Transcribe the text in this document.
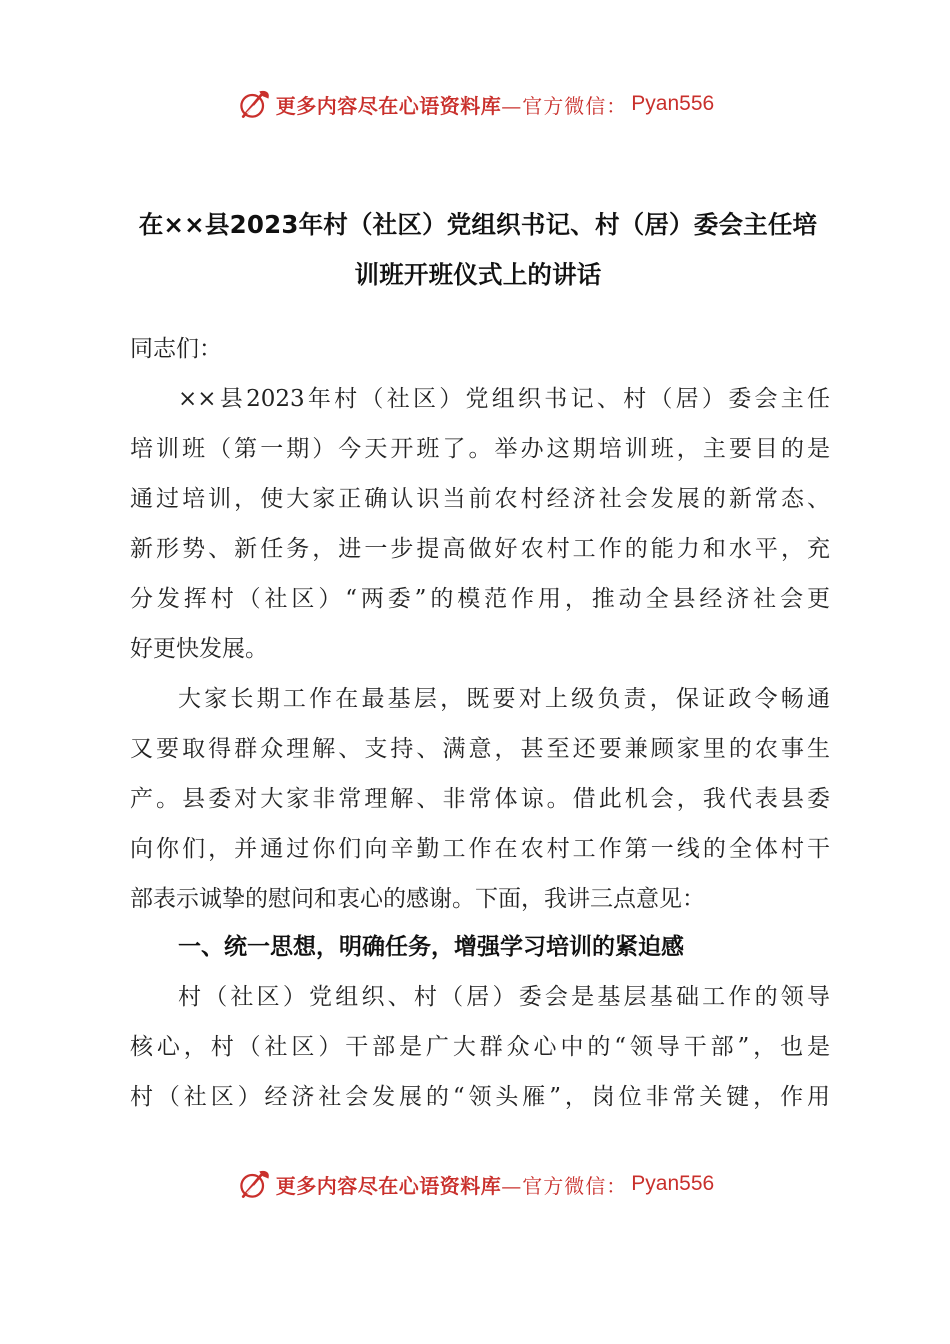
更多内容尽在心语资料库 —官方微信： Pyan556
在××县2023年村（社区）党组织书记、村（居）委会主任培
训班开班仪式上的讲话
同志们：
××县2023年村（社区）党组织书记、村（居）委会主任
培训班（第一期）今天开班了。举办这期培训班，主要目的是
通过培训，使大家正确认识当前农村经济社会发展的新常态、
新形势、新任务，进一步提高做好农村工作的能力和水平，充
分发挥村（社区）“两委”的模范作用，推动全县经济社会更
好更快发展。
大家长期工作在最基层，既要对上级负责，保证政令畅通
又要取得群众理解、支持、满意，甚至还要兼顾家里的农事生
产。县委对大家非常理解、非常体谅。借此机会，我代表县委
向你们，并通过你们向辛勤工作在农村工作第一线的全体村干
部表示诚挚的慰问和衷心的感谢。下面，我讲三点意见：
一、统一思想，明确任务，增强学习培训的紧迫感
村（社区）党组织、村（居）委会是基层基础工作的领导
核心，村（社区）干部是广大群众心中的“领导干部”，也是
村（社区）经济社会发展的“领头雁”，岗位非常关键，作用
更多内容尽在心语资料库 —官方微信： Pyan556
